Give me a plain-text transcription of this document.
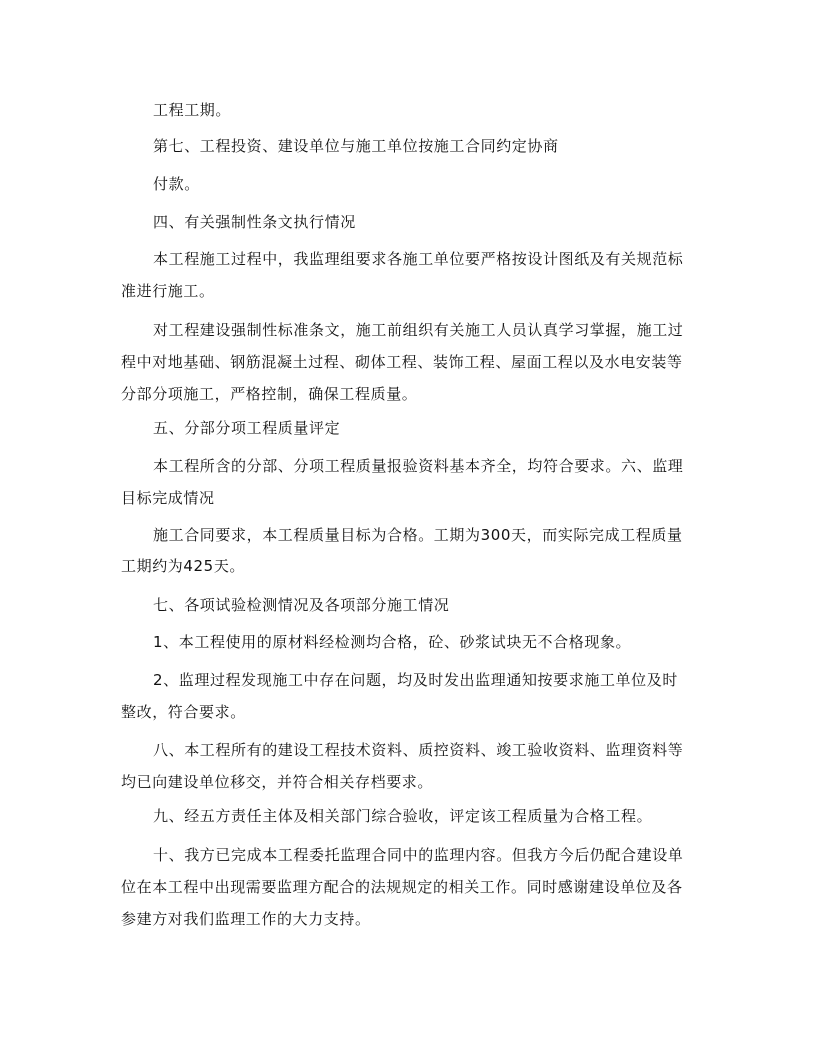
工程工期。
第七、工程投资、建设单位与施工单位按施工合同约定协商
付款。
四、有关强制性条文执行情况
本工程施工过程中，我监理组要求各施工单位要严格按设计图纸及有关规范标
准进行施工。
对工程建设强制性标准条文，施工前组织有关施工人员认真学习掌握，施工过
程中对地基础、钢筋混凝土过程、砌体工程、装饰工程、屋面工程以及水电安装等
分部分项施工，严格控制，确保工程质量。
五、分部分项工程质量评定
本工程所含的分部、分项工程质量报验资料基本齐全，均符合要求。六、监理
目标完成情况
施工合同要求，本工程质量目标为合格。工期为300天，而实际完成工程质量
工期约为425天。
七、各项试验检测情况及各项部分施工情况
1、本工程使用的原材料经检测均合格，砼、砂浆试块无不合格现象。
2、监理过程发现施工中存在问题，均及时发出监理通知按要求施工单位及时
整改，符合要求。
八、本工程所有的建设工程技术资料、质控资料、竣工验收资料、监理资料等
均已向建设单位移交，并符合相关存档要求。
九、经五方责任主体及相关部门综合验收，评定该工程质量为合格工程。
十、我方已完成本工程委托监理合同中的监理内容。但我方今后仍配合建设单
位在本工程中出现需要监理方配合的法规规定的相关工作。同时感谢建设单位及各
参建方对我们监理工作的大力支持。
